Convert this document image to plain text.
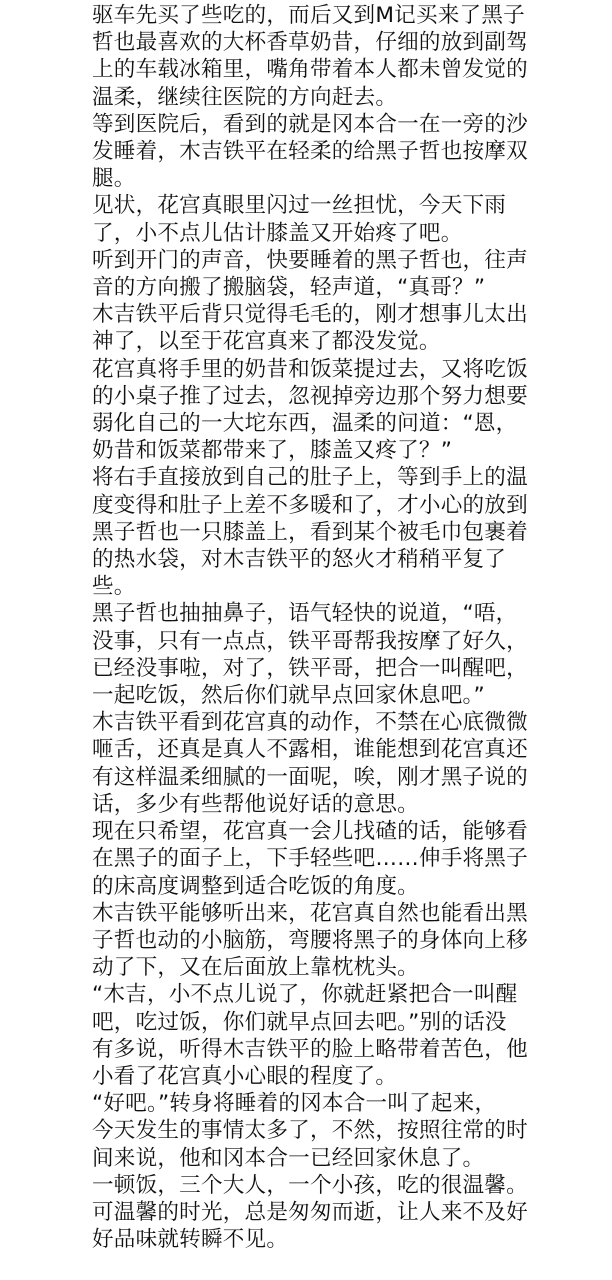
驱车先买了些吃的，而后又到M记买来了黑子
哲也最喜欢的大杯香草奶昔，仔细的放到副驾
上的车载冰箱里，嘴角带着本人都未曾发觉的
温柔，继续往医院的方向赶去。

等到医院后，看到的就是冈本合一在一旁的沙
发睡着，木吉铁平在轻柔的给黑子哲也按摩双
腿。

见状，花宫真眼里闪过一丝担忧，今天下雨
了，小不点儿估计膝盖又开始疼了吧。

听到开门的声音，快要睡着的黑子哲也，往声
音的方向搬了搬脑袋，轻声道，“真哥？”

木吉铁平后背只觉得毛毛的，刚才想事儿太出
神了，以至于花宫真来了都没发觉。

花宫真将手里的奶昔和饭菜提过去，又将吃饭
的小桌子推了过去，忽视掉旁边那个努力想要
弱化自己的一大坨东西，温柔的问道：“恩，
奶昔和饭菜都带来了，膝盖又疼了？”

将右手直接放到自己的肚子上，等到手上的温
度变得和肚子上差不多暖和了，才小心的放到
黑子哲也一只膝盖上，看到某个被毛巾包裹着
的热水袋，对木吉铁平的怒火才稍稍平复了
些。

黑子哲也抽抽鼻子，语气轻快的说道，“唔，
没事，只有一点点，铁平哥帮我按摩了好久，
已经没事啦，对了，铁平哥，把合一叫醒吧，
一起吃饭，然后你们就早点回家休息吧。”

木吉铁平看到花宫真的动作，不禁在心底微微
咂舌，还真是真人不露相，谁能想到花宫真还
有这样温柔细腻的一面呢，唉，刚才黑子说的
话，多少有些帮他说好话的意思。

现在只希望，花宫真一会儿找碴的话，能够看
在黑子的面子上，下手轻些吧……伸手将黑子
的床高度调整到适合吃饭的角度。

木吉铁平能够听出来，花宫真自然也能看出黑
子哲也动的小脑筋，弯腰将黑子的身体向上移
动了下，又在后面放上靠枕枕头。

“木吉，小不点儿说了，你就赶紧把合一叫醒
吧，吃过饭，你们就早点回去吧。”别的话没
有多说，听得木吉铁平的脸上略带着苦色，他
小看了花宫真小心眼的程度了。

“好吧。”转身将睡着的冈本合一叫了起来，
今天发生的事情太多了，不然，按照往常的时
间来说，他和冈本合一已经回家休息了。

一顿饭，三个大人，一个小孩，吃的很温馨。

可温馨的时光，总是匆匆而逝，让人来不及好
好品味就转瞬不见。
